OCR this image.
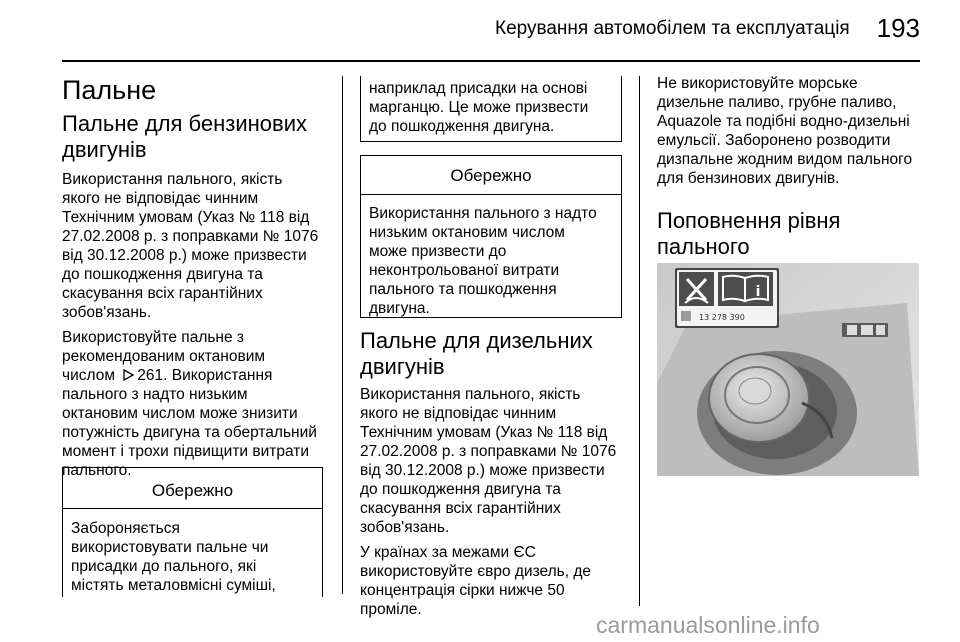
Керування автомобілем та експлуатація 193
Пальне
Пальне для бензинових двигунів
Використання пального, якість
якого не відповідає чинним
Технічним умовам (Указ № 118 від
27.02.2008 р. з поправками № 1076
від 30.12.2008 р.) може призвести
до пошкодження двигуна та
скасування всіх гарантійних
зобов'язань.
Використовуйте пальне з
рекомендованим октановим
числом 261. Використання
пального з надто низьким
октановим числом може знизити
потужність двигуна та обертальний
момент і трохи підвищити витрати
пального.
Обережно
Забороняється
використовувати пальне чи
присадки до пального, які
містять металовмісні суміші,
наприклад присадки на основі
марганцю. Це може призвести
до пошкодження двигуна.
Обережно
Використання пального з надто
низьким октановим числом
може призвести до
неконтрольованої витрати
пального та пошкодження
двигуна.
Пальне для дизельних двигунів
Використання пального, якість
якого не відповідає чинним
Технічним умовам (Указ № 118 від
27.02.2008 р. з поправками № 1076
від 30.12.2008 р.) може призвести
до пошкодження двигуна та
скасування всіх гарантійних
зобов'язань.
У країнах за межами ЄС
використовуйте євро дизель, де
концентрація сірки нижче 50
проміле.
Не використовуйте морське
дизельне паливо, грубне паливо,
Aquazole та подібні водно-дизельні
емульсії. Заборонено розводити
дизпальне жодним видом пального
для бензинових двигунів.
Поповнення рівня пального
i
13 278 390
carmanualsonline.info
